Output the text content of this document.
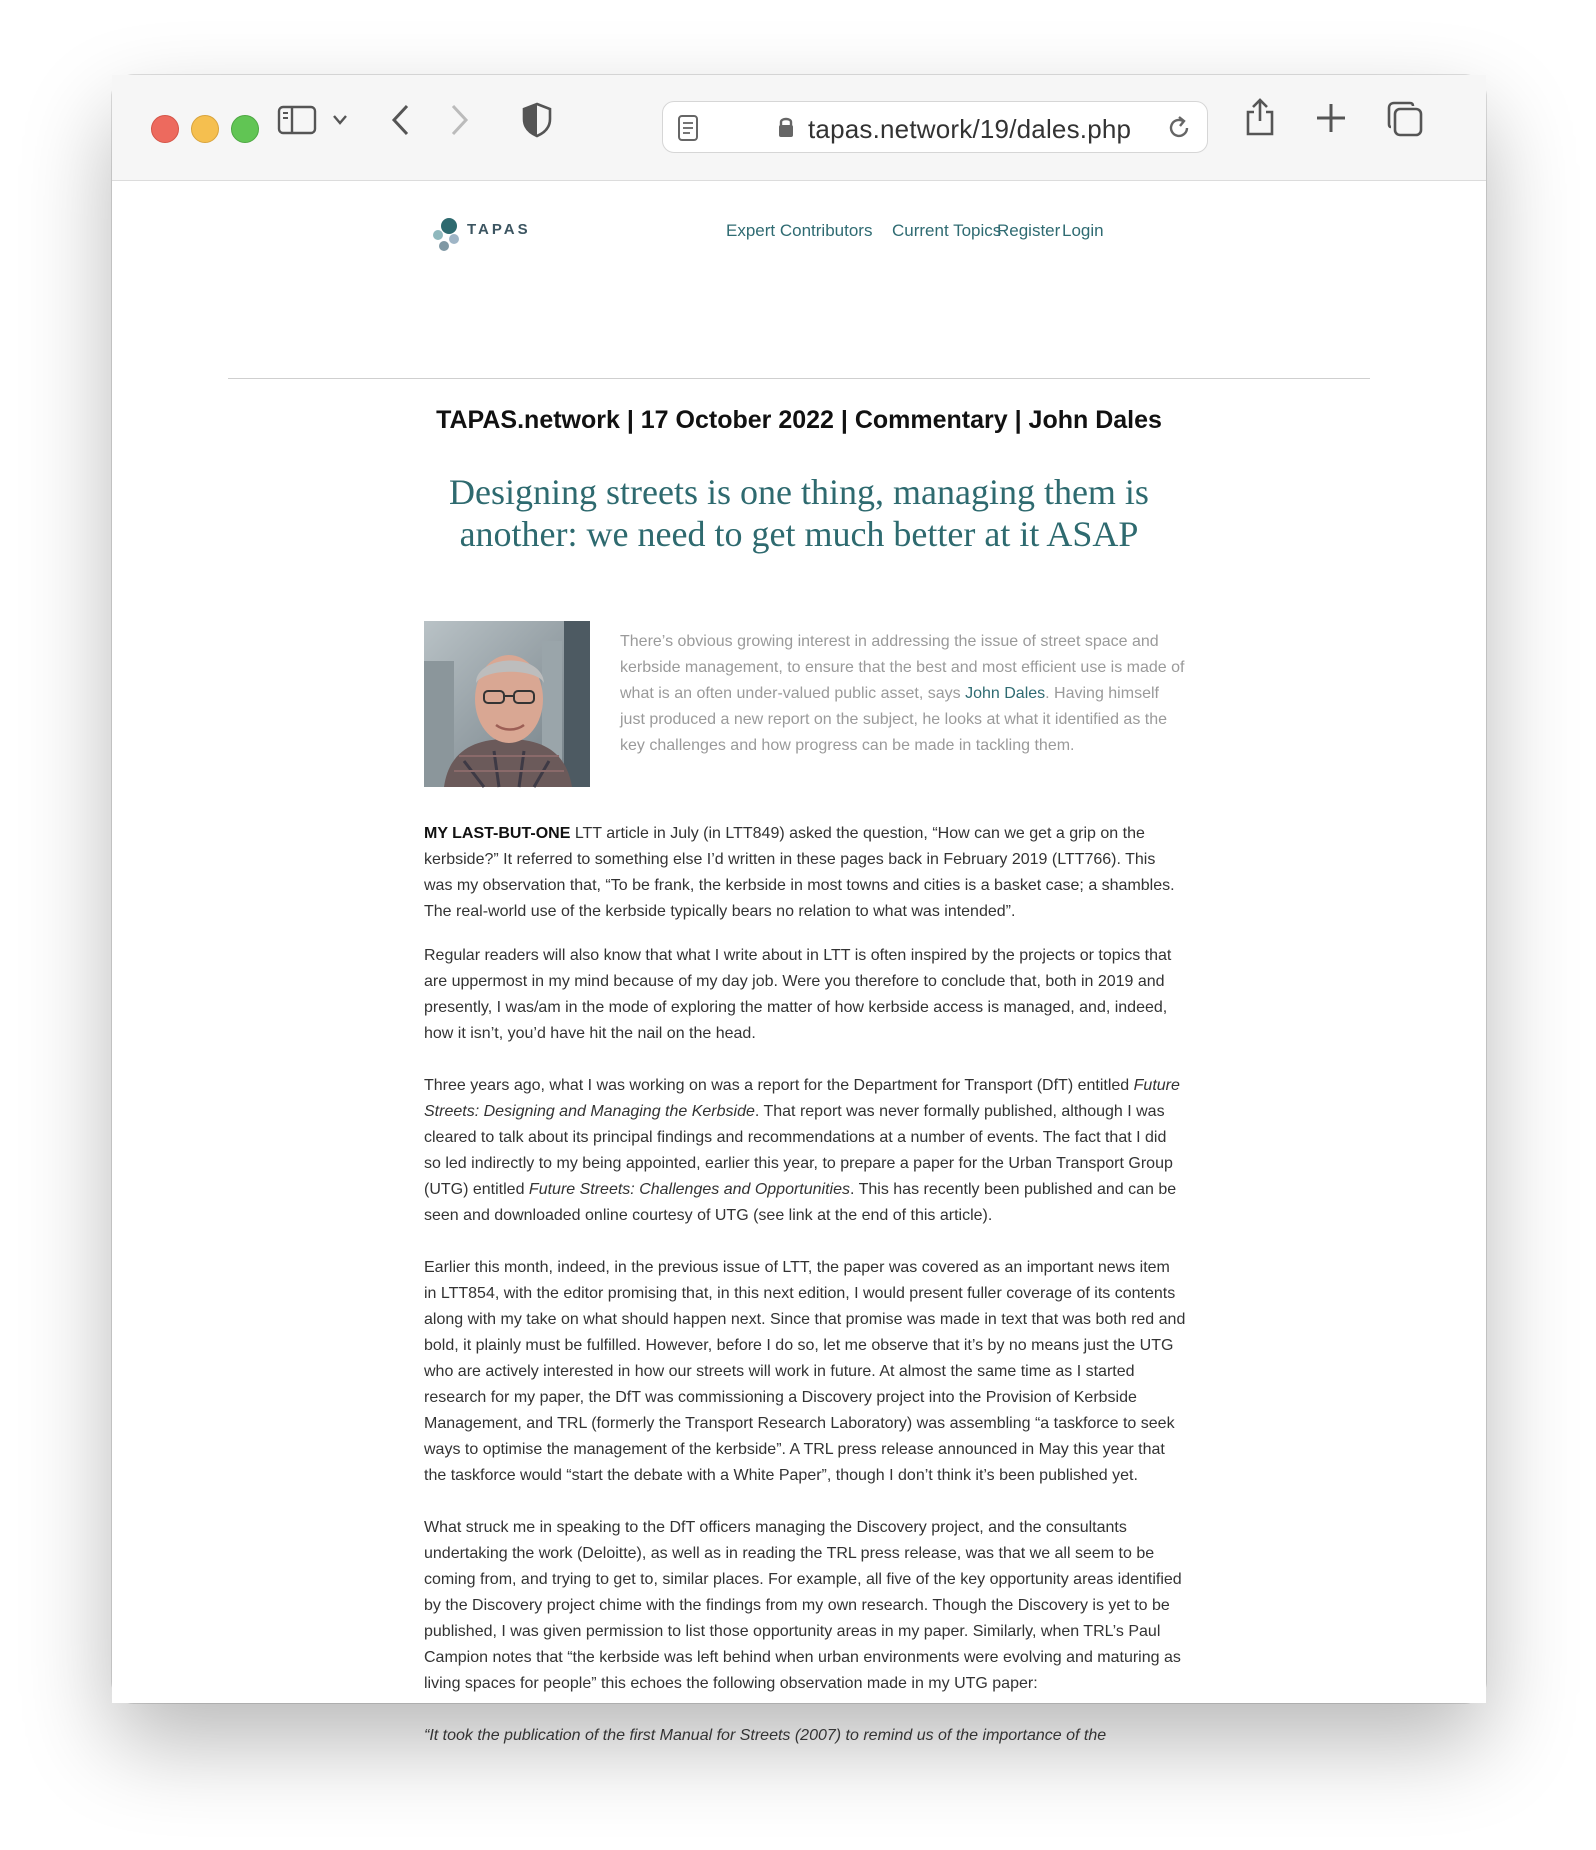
tapas.network/19/dales.php
TAPAS	Expert Contributors Current Topics
Register Login
TAPAS.network | 17 October 2022 | Commentary | John Dales
Designing streets is one thing, managing them is
another: we need to get much better at it ASAP
There’s obvious growing interest in addressing the issue of street space and kerbside management, to ensure that the best and most efficient use is made of what is an often under-valued public asset, says John Dales. Having himself just produced a new report on the subject, he looks at what it identified as the key challenges and how progress can be made in tackling them.

MY LAST-BUT-ONE LTT article in July (in LTT849) asked the question, “How can we get a grip on the kerbside?” It referred to something else I’d written in these pages back in February 2019 (LTT766). This was my observation that, “To be frank, the kerbside in most towns and cities is a basket case; a shambles. The real-world use of the kerbside typically bears no relation to what was intended”.

Regular readers will also know that what I write about in LTT is often inspired by the projects or topics that are uppermost in my mind because of my day job. Were you therefore to conclude that, both in 2019 and presently, I was/am in the mode of exploring the matter of how kerbside access is managed, and, indeed, how it isn’t, you’d have hit the nail on the head.

Three years ago, what I was working on was a report for the Department for Transport (DfT) entitled Future Streets: Designing and Managing the Kerbside. That report was never formally published, although I was cleared to talk about its principal findings and recommendations at a number of events. The fact that I did so led indirectly to my being appointed, earlier this year, to prepare a paper for the Urban Transport Group (UTG) entitled Future Streets: Challenges and Opportunities. This has recently been published and can be seen and downloaded online courtesy of UTG (see link at the end of this article).

Earlier this month, indeed, in the previous issue of LTT, the paper was covered as an important news item in LTT854, with the editor promising that, in this next edition, I would present fuller coverage of its contents along with my take on what should happen next. Since that promise was made in text that was both red and bold, it plainly must be fulfilled. However, before I do so, let me observe that it’s by no means just the UTG who are actively interested in how our streets will work in future. At almost the same time as I started research for my paper, the DfT was commissioning a Discovery project into the Provision of Kerbside Management, and TRL (formerly the Transport Research Laboratory) was assembling “a taskforce to seek ways to optimise the management of the kerbside”. A TRL press release announced in May this year that the taskforce would “start the debate with a White Paper”, though I don’t think it’s been published yet.

What struck me in speaking to the DfT officers managing the Discovery project, and the consultants undertaking the work (Deloitte), as well as in reading the TRL press release, was that we all seem to be coming from, and trying to get to, similar places. For example, all five of the key opportunity areas identified by the Discovery project chime with the findings from my own research. Though the Discovery is yet to be published, I was given permission to list those opportunity areas in my paper. Similarly, when TRL’s Paul Campion notes that “the kerbside was left behind when urban environments were evolving and maturing as living spaces for people” this echoes the following observation made in my UTG paper:

“It took the publication of the first Manual for Streets (2007) to remind us of the importance of the
